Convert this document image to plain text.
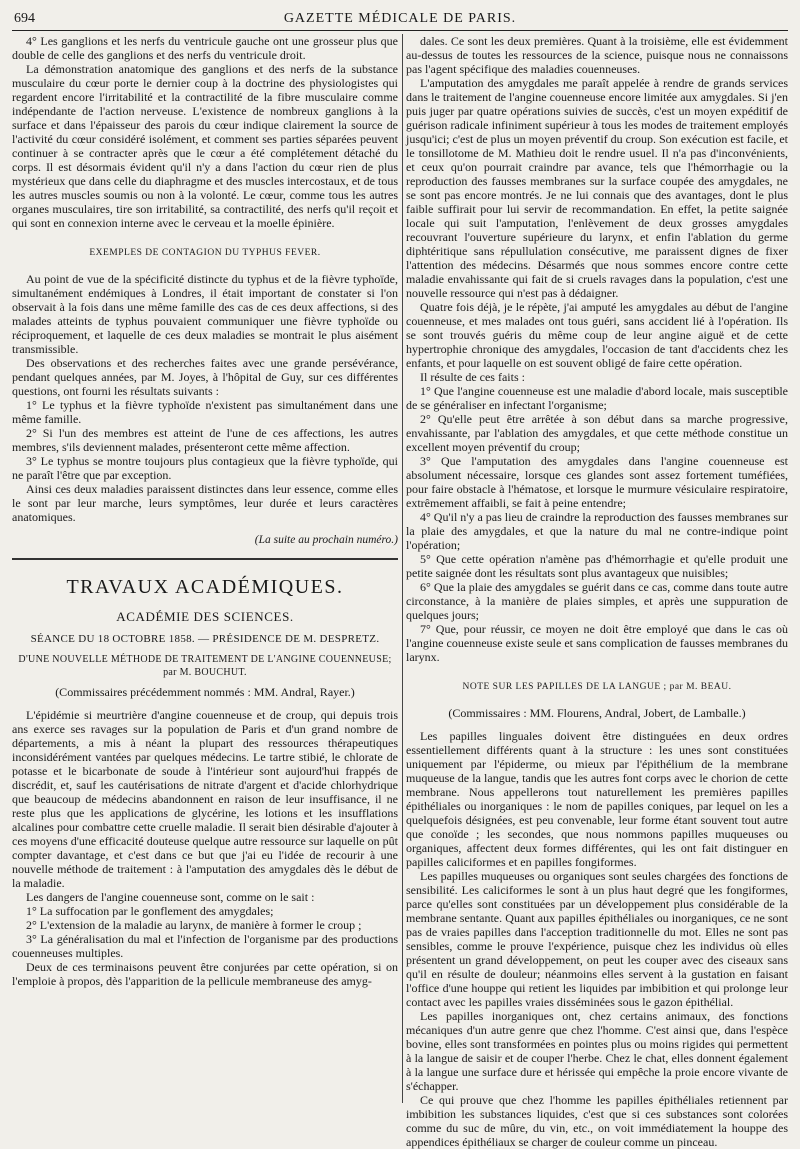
694	GAZETTE MÉDICALE DE PARIS.

4° Les ganglions et les nerfs du ventricule gauche ont une grosseur plus que double de celle des ganglions et des nerfs du ventricule droit.

La démonstration anatomique des ganglions et des nerfs de la substance musculaire du cœur porte le dernier coup à la doctrine des physiologistes qui regardent encore l'irritabilité et la contractilité de la fibre musculaire comme indépendante de l'action nerveuse. L'existence de nombreux ganglions à la surface et dans l'épaisseur des parois du cœur indique clairement la source de l'activité du cœur considéré isolément, et comment ses parties séparées peuvent continuer à se contracter après que le cœur a été complétement détaché du corps. Il est désormais évident qu'il n'y a dans l'action du cœur rien de plus mystérieux que dans celle du diaphragme et des muscles intercostaux, et de tous les autres muscles soumis ou non à la volonté. Le cœur, comme tous les autres organes musculaires, tire son irritabilité, sa contractilité, des nerfs qu'il reçoit et qui sont en connexion interne avec le cerveau et la moelle épinière.

EXEMPLES DE CONTAGION DU TYPHUS FEVER.

Au point de vue de la spécificité distincte du typhus et de la fièvre typhoïde, simultanément endémiques à Londres, il était important de constater si l'on observait à la fois dans une même famille des cas de ces deux affections, si des malades atteints de typhus pouvaient communiquer une fièvre typhoïde ou réciproquement, et laquelle de ces deux maladies se montrait le plus aisément transmissible.

Des observations et des recherches faites avec une grande persévérance, pendant quelques années, par M. Joyes, à l'hôpital de Guy, sur ces différentes questions, ont fourni les résultats suivants :

1° Le typhus et la fièvre typhoïde n'existent pas simultanément dans une même famille.

2° Si l'un des membres est atteint de l'une de ces affections, les autres membres, s'ils deviennent malades, présenteront cette même affection.

3° Le typhus se montre toujours plus contagieux que la fièvre typhoïde, qui ne paraît l'être que par exception.

Ainsi ces deux maladies paraissent distinctes dans leur essence, comme elles le sont par leur marche, leurs symptômes, leur durée et leurs caractères anatomiques.

(La suite au prochain numéro.)
TRAVAUX ACADÉMIQUES.
ACADÉMIE DES SCIENCES.
SÉANCE DU 18 OCTOBRE 1858. — PRÉSIDENCE DE M. DESPRETZ.
D'UNE NOUVELLE MÉTHODE DE TRAITEMENT DE L'ANGINE COUENNEUSE; par M. BOUCHUT.
(Commissaires précédemment nommés : MM. Andral, Rayer.)

L'épidémie si meurtrière d'angine couenneuse et de croup, qui depuis trois ans exerce ses ravages sur la population de Paris et d'un grand nombre de départements, a mis à néant la plupart des ressources thérapeutiques inconsidérément vantées par quelques médecins. Le tartre stibié, le chlorate de potasse et le bicarbonate de soude à l'intérieur sont aujourd'hui frappés de discrédit, et, sauf les cautérisations de nitrate d'argent et d'acide chlorhydrique que beaucoup de médecins abandonnent en raison de leur insuffisance, il ne reste plus que les applications de glycérine, les lotions et les insufflations alcalines pour combattre cette cruelle maladie. Il serait bien désirable d'ajouter à ces moyens d'une efficacité douteuse quelque autre ressource sur laquelle on pût compter davantage, et c'est dans ce but que j'ai eu l'idée de recourir à une nouvelle méthode de traitement : à l'amputation des amygdales dès le début de la maladie.

Les dangers de l'angine couenneuse sont, comme on le sait :

1° La suffocation par le gonflement des amygdales;

2° L'extension de la maladie au larynx, de manière à former le croup ;

3° La généralisation du mal et l'infection de l'organisme par des productions couenneuses multiples.

Deux de ces terminaisons peuvent être conjurées par cette opération, si on l'emploie à propos, dès l'apparition de la pellicule membraneuse des amyg-

dales. Ce sont les deux premières. Quant à la troisième, elle est évidemment au-dessus de toutes les ressources de la science, puisque nous ne connaissons pas l'agent spécifique des maladies couenneuses.

L'amputation des amygdales me paraît appelée à rendre de grands services dans le traitement de l'angine couenneuse encore limitée aux amygdales. Si j'en puis juger par quatre opérations suivies de succès, c'est un moyen expéditif de guérison radicale infiniment supérieur à tous les modes de traitement employés jusqu'ici; c'est de plus un moyen préventif du croup. Son exécution est facile, et le tonsillotome de M. Mathieu doit le rendre usuel. Il n'a pas d'inconvénients, et ceux qu'on pourrait craindre par avance, tels que l'hémorrhagie ou la reproduction des fausses membranes sur la surface coupée des amygdales, ne se sont pas encore montrés. Je ne lui connais que des avantages, dont le plus faible suffirait pour lui servir de recommandation. En effet, la petite saignée locale qui suit l'amputation, l'enlèvement de deux grosses amygdales recouvrant l'ouverture supérieure du larynx, et enfin l'ablation du germe diphtéritique sans répullulation consécutive, me paraissent dignes de fixer l'attention des médecins. Désarmés que nous sommes encore contre cette maladie envahissante qui fait de si cruels ravages dans la population, c'est une nouvelle ressource qui n'est pas à dédaigner.

Quatre fois déjà, je le répète, j'ai amputé les amygdales au début de l'angine couenneuse, et mes malades ont tous guéri, sans accident lié à l'opération. Ils se sont trouvés guéris du même coup de leur angine aiguë et de cette hypertrophie chronique des amygdales, l'occasion de tant d'accidents chez les enfants, et pour laquelle on est souvent obligé de faire cette opération.

Il résulte de ces faits :

1° Que l'angine couenneuse est une maladie d'abord locale, mais susceptible de se généraliser en infectant l'organisme;

2° Qu'elle peut être arrêtée à son début dans sa marche progressive, envahissante, par l'ablation des amygdales, et que cette méthode constitue un excellent moyen préventif du croup;

3° Que l'amputation des amygdales dans l'angine couenneuse est absolument nécessaire, lorsque ces glandes sont assez fortement tuméfiées, pour faire obstacle à l'hématose, et lorsque le murmure vésiculaire respiratoire, extrêmement affaibli, se fait à peine entendre;

4° Qu'il n'y a pas lieu de craindre la reproduction des fausses membranes sur la plaie des amygdales, et que la nature du mal ne contre-indique point l'opération;

5° Que cette opération n'amène pas d'hémorrhagie et qu'elle produit une petite saignée dont les résultats sont plus avantageux que nuisibles;

6° Que la plaie des amygdales se guérit dans ce cas, comme dans toute autre circonstance, à la manière de plaies simples, et après une suppuration de quelques jours;

7° Que, pour réussir, ce moyen ne doit être employé que dans le cas où l'angine couenneuse existe seule et sans complication de fausses membranes du larynx.

NOTE SUR LES PAPILLES DE LA LANGUE ; par M. BEAU.
(Commissaires : MM. Flourens, Andral, Jobert, de Lamballe.)

Les papilles linguales doivent être distinguées en deux ordres essentiellement différents quant à la structure : les unes sont constituées uniquement par l'épiderme, ou mieux par l'épithélium de la membrane muqueuse de la langue, tandis que les autres font corps avec le chorion de cette membrane. Nous appellerons tout naturellement les premières papilles épithéliales ou inorganiques : le nom de papilles coniques, par lequel on les a quelquefois désignées, est peu convenable, leur forme étant souvent tout autre que conoïde ; les secondes, que nous nommons papilles muqueuses ou organiques, affectent deux formes différentes, qui les ont fait distinguer en papilles caliciformes et en papilles fongiformes.

Les papilles muqueuses ou organiques sont seules chargées des fonctions de sensibilité. Les caliciformes le sont à un plus haut degré que les fongiformes, parce qu'elles sont constituées par un développement plus considérable de la membrane sentante. Quant aux papilles épithéliales ou inorganiques, ce ne sont pas de vraies papilles dans l'acception traditionnelle du mot. Elles ne sont pas sensibles, comme le prouve l'expérience, puisque chez les individus où elles présentent un grand développement, on peut les couper avec des ciseaux sans qu'il en résulte de douleur; néanmoins elles servent à la gustation en faisant l'office d'une houppe qui retient les liquides par imbibition et qui prolonge leur contact avec les papilles vraies disséminées sous le gazon épithélial.

Les papilles inorganiques ont, chez certains animaux, des fonctions mécaniques d'un autre genre que chez l'homme. C'est ainsi que, dans l'espèce bovine, elles sont transformées en pointes plus ou moins rigides qui permettent à la langue de saisir et de couper l'herbe. Chez le chat, elles donnent également à la langue une surface dure et hérissée qui empêche la proie encore vivante de s'échapper.

Ce qui prouve que chez l'homme les papilles épithéliales retiennent par imbibition les substances liquides, c'est que si ces substances sont colorées comme du suc de mûre, du vin, etc., on voit immédiatement la houppe des appendices épithéliaux se charger de couleur comme un pinceau.
